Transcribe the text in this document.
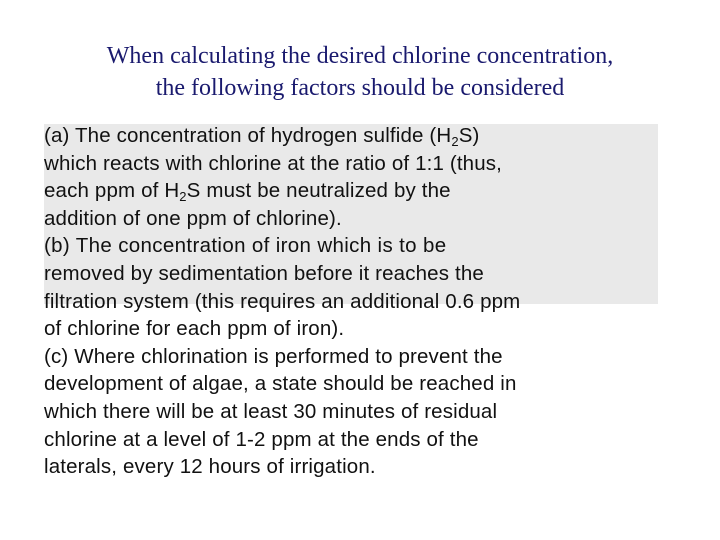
When calculating the desired chlorine concentration,
the following factors should be considered
(a) The concentration of hydrogen sulfide $(H_2S)$
which reacts with chlorine at the ratio of 1:1 (thus,
each ppm of $H_2S$ must be neutralized by the
addition of one ppm of chlorine).
(b) The concentration of iron which is to be
removed by sedimentation before it reaches the
filtration system (this requires an additional 0.6 ppm
of chlorine for each ppm of iron).
(c) Where chlorination is performed to prevent the
development of algae, a state should be reached in
which there will be at least 30 minutes of residual
chlorine at a level of 1-2 ppm at the ends of the
laterals, every 12 hours of irrigation.
